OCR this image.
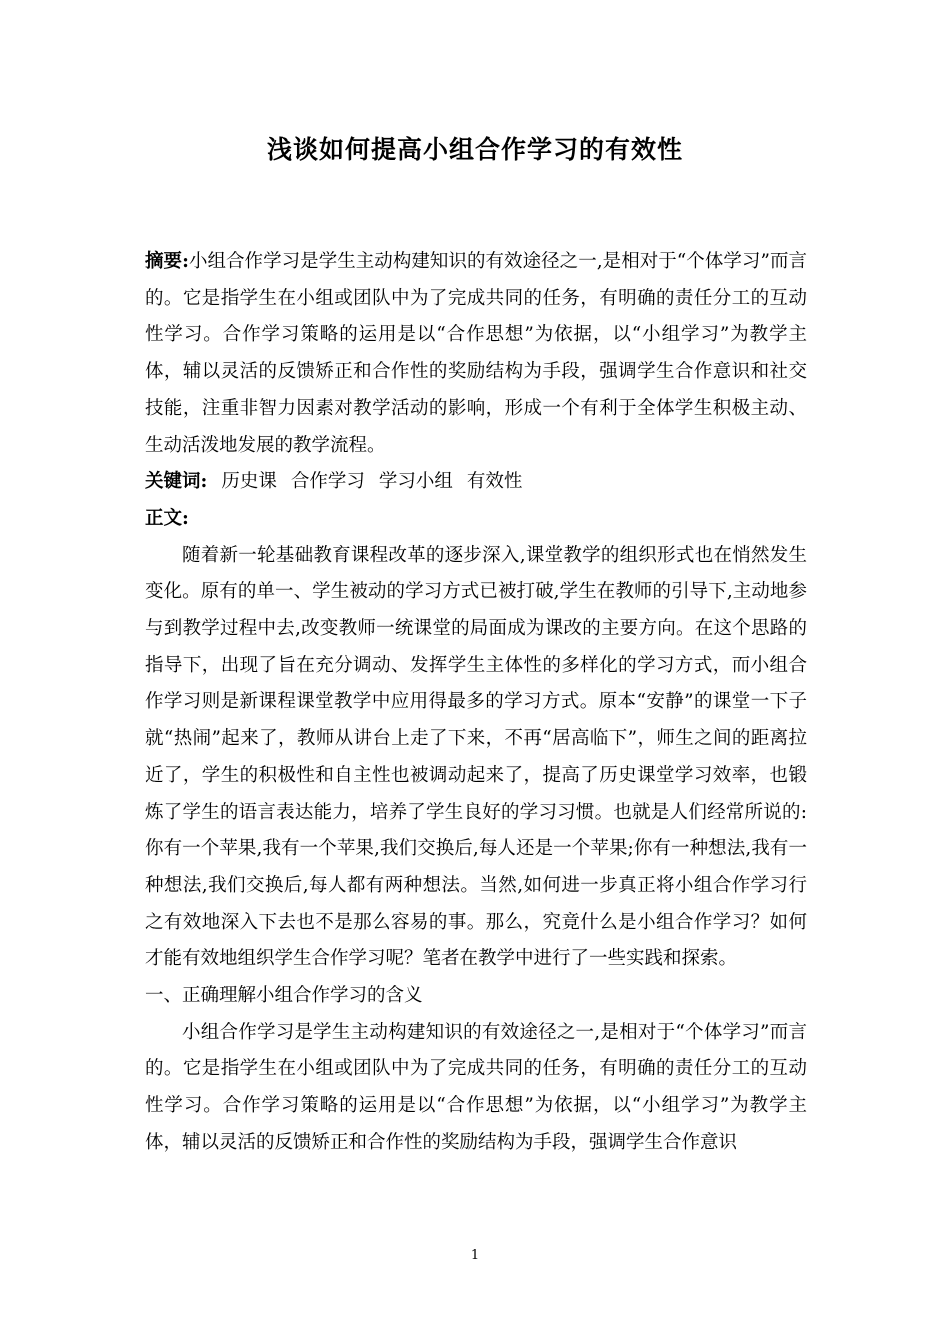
浅谈如何提高小组合作学习的有效性

摘要:小组合作学习是学生主动构建知识的有效途径之一,是相对于“个体学习”而言的。它是指学生在小组或团队中为了完成共同的任务，有明确的责任分工的互动性学习。合作学习策略的运用是以“合作思想”为依据，以“小组学习”为教学主体，辅以灵活的反馈矫正和合作性的奖励结构为手段，强调学生合作意识和社交技能，注重非智力因素对教学活动的影响，形成一个有利于全体学生积极主动、生动活泼地发展的教学流程。

关键词: 历史课 合作学习 学习小组 有效性

正文:

随着新一轮基础教育课程改革的逐步深入,课堂教学的组织形式也在悄然发生变化。原有的单一、学生被动的学习方式已被打破,学生在教师的引导下,主动地参与到教学过程中去,改变教师一统课堂的局面成为课改的主要方向。在这个思路的指导下，出现了旨在充分调动、发挥学生主体性的多样化的学习方式，而小组合作学习则是新课程课堂教学中应用得最多的学习方式。原本“安静”的课堂一下子就“热闹”起来了，教师从讲台上走了下来，不再“居高临下”，师生之间的距离拉近了，学生的积极性和自主性也被调动起来了，提高了历史课堂学习效率，也锻炼了学生的语言表达能力，培养了学生良好的学习习惯。也就是人们经常所说的:你有一个苹果,我有一个苹果,我们交换后,每人还是一个苹果;你有一种想法,我有一种想法,我们交换后,每人都有两种想法。当然,如何进一步真正将小组合作学习行之有效地深入下去也不是那么容易的事。那么，究竟什么是小组合作学习？如何才能有效地组织学生合作学习呢？笔者在教学中进行了一些实践和探索。

一、正确理解小组合作学习的含义

小组合作学习是学生主动构建知识的有效途径之一,是相对于“个体学习”而言的。它是指学生在小组或团队中为了完成共同的任务，有明确的责任分工的互动性学习。合作学习策略的运用是以“合作思想”为依据，以“小组学习”为教学主体，辅以灵活的反馈矫正和合作性的奖励结构为手段，强调学生合作意识

1
